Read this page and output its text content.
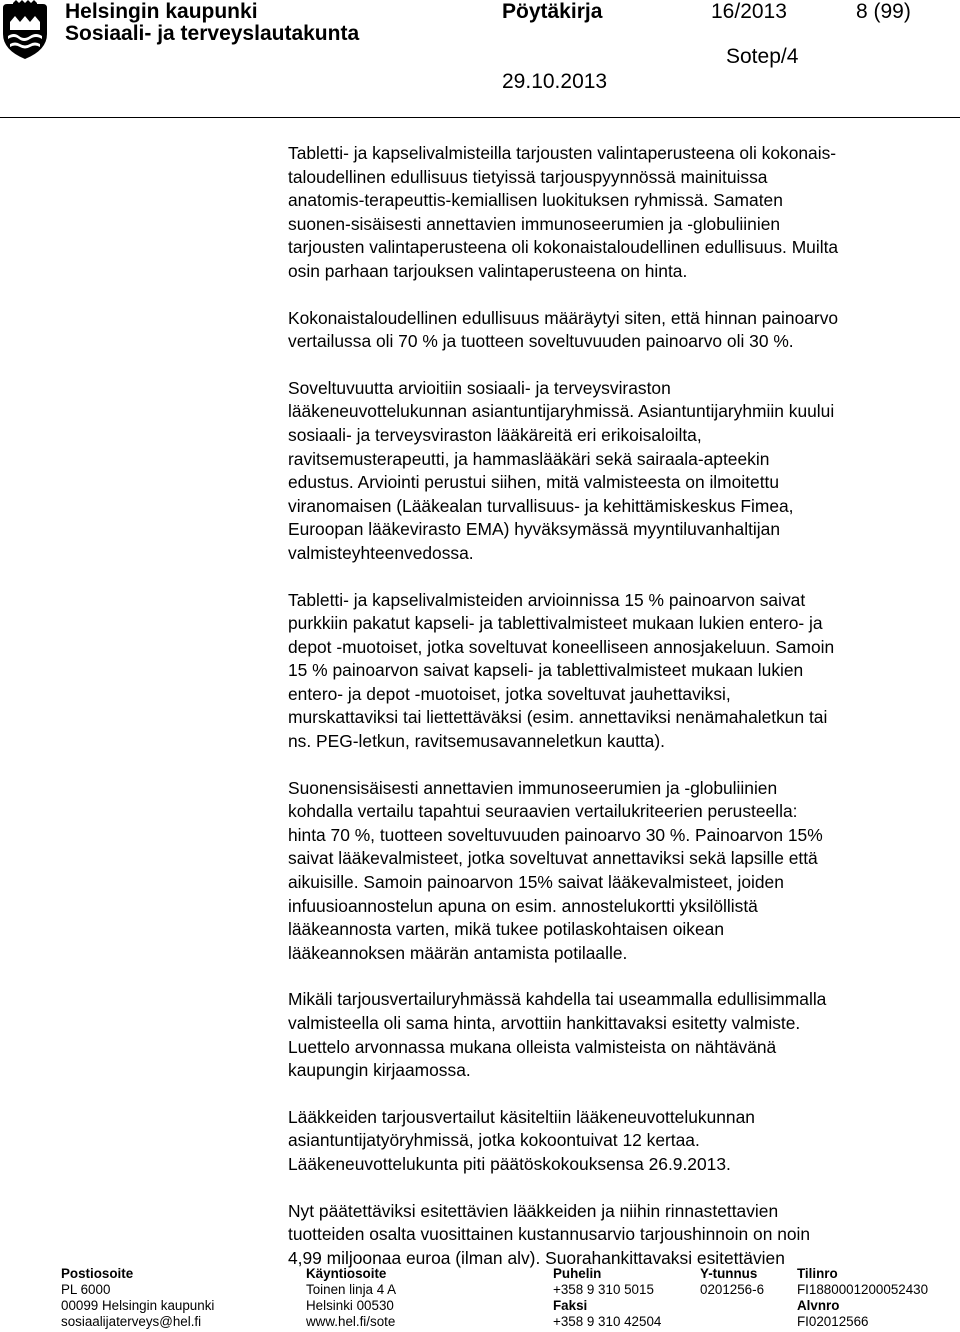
Helsingin kaupunki	Pöytäkirja	16/2013	8 (99)
Sosiaali- ja terveyslautakunta
Sotep/4
29.10.2013

Tabletti- ja kapselivalmisteilla tarjousten valintaperusteena oli kokonais-
taloudellinen edullisuus tietyissä tarjouspyynnössä mainituissa
anatomis-terapeuttis-kemiallisen luokituksen ryhmissä. Samaten
suonen-sisäisesti annettavien immunoseerumien ja -globuliinien
tarjousten valintaperusteena oli kokonaistaloudellinen edullisuus. Muilta
osin parhaan tarjouksen valintaperusteena on hinta.

Kokonaistaloudellinen edullisuus määräytyi siten, että hinnan painoarvo
vertailussa oli 70 % ja tuotteen soveltuvuuden painoarvo oli 30 %.

Soveltuvuutta arvioitiin sosiaali- ja terveysviraston
lääkeneuvottelukunnan asiantuntijaryhmissä. Asiantuntijaryhmiin kuului
sosiaali- ja terveysviraston lääkäreitä eri erikoisaloilta,
ravitsemusterapeutti, ja hammaslääkäri sekä sairaala-apteekin
edustus. Arviointi perustui siihen, mitä valmisteesta on ilmoitettu
viranomaisen (Lääkealan turvallisuus- ja kehittämiskeskus Fimea,
Euroopan lääkevirasto EMA) hyväksymässä myyntiluvanhaltijan
valmisteyhteenvedossa.

Tabletti- ja kapselivalmisteiden arvioinnissa 15 % painoarvon saivat
purkkiin pakatut kapseli- ja tablettivalmisteet mukaan lukien entero- ja
depot -muotoiset, jotka soveltuvat koneelliseen annosjakeluun. Samoin
15 % painoarvon saivat kapseli- ja tablettivalmisteet mukaan lukien
entero- ja depot -muotoiset, jotka soveltuvat jauhettaviksi,
murskattaviksi tai liettettäväksi (esim. annettaviksi nenämahaletkun tai
ns. PEG-letkun, ravitsemusavanneletkun kautta).

Suonensisäisesti annettavien immunoseerumien ja -globuliinien
kohdalla vertailu tapahtui seuraavien vertailukriteerien perusteella:
hinta 70 %, tuotteen soveltuvuuden painoarvo 30 %. Painoarvon 15%
saivat lääkevalmisteet, jotka soveltuvat annettaviksi sekä lapsille että
aikuisille. Samoin painoarvon 15% saivat lääkevalmisteet, joiden
infuusioannostelun apuna on esim. annostelukortti yksilöllistä
lääkeannosta varten, mikä tukee potilaskohtaisen oikean
lääkeannoksen määrän antamista potilaalle.

Mikäli tarjousvertailuryhmässä kahdella tai useammalla edullisimmalla
valmisteella oli sama hinta, arvottiin hankittavaksi esitetty valmiste.
Luettelo arvonnassa mukana olleista valmisteista on nähtävänä
kaupungin kirjaamossa.

Lääkkeiden tarjousvertailut käsiteltiin lääkeneuvottelukunnan
asiantuntijatyöryhmissä, jotka kokoontuivat 12 kertaa.
Lääkeneuvottelukunta piti päätöskokouksensa 26.9.2013.

Nyt päätettäviksi esitettävien lääkkeiden ja niihin rinnastettavien
tuotteiden osalta vuosittainen kustannusarvio tarjoushinnoin on noin
4,99 miljoonaa euroa (ilman alv). Suorahankittavaksi esitettävien

Postiosoite
PL 6000
00099 Helsingin kaupunki
sosiaalijaterveys@hel.fi
Käyntiosoite
Toinen linja 4 A
Helsinki 00530
www.hel.fi/sote
Puhelin
+358 9 310 5015
Faksi
+358 9 310 42504
Y-tunnus
0201256-6
Tilinro
FI1880001200052430
Alvnro
FI02012566
